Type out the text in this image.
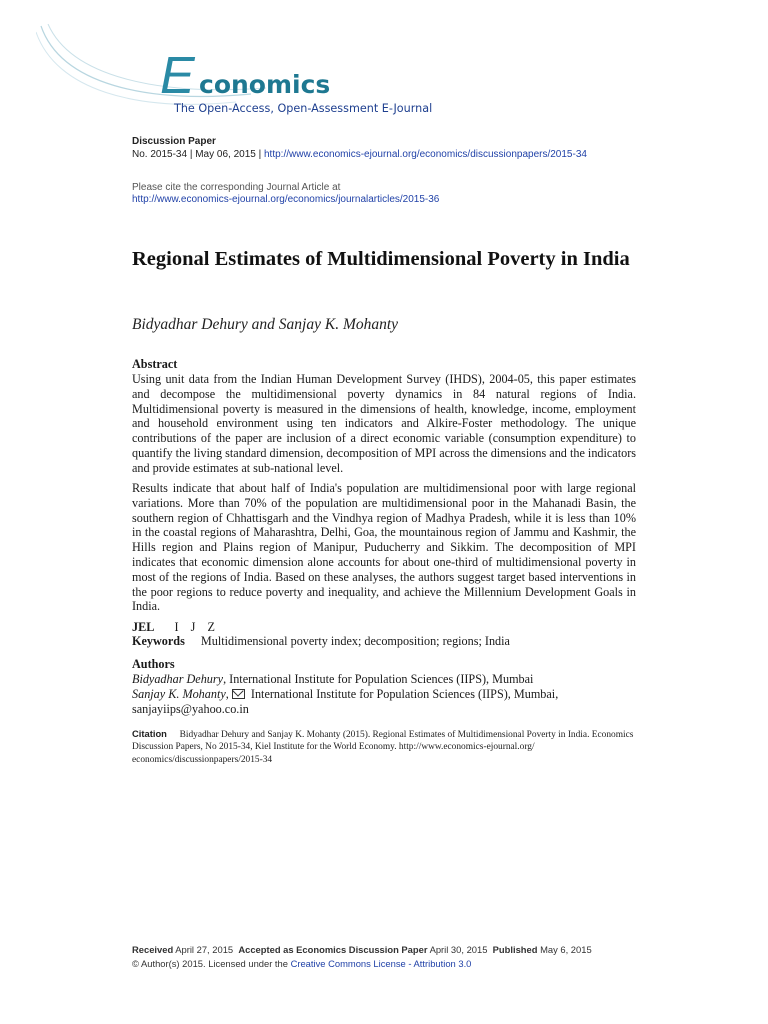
E conomics
The Open-Access, Open-Assessment E-Journal
Discussion Paper
No. 2015-34 | May 06, 2015 | http://www.economics-ejournal.org/economics/discussionpapers/2015-34
Please cite the corresponding Journal Article at
http://www.economics-ejournal.org/economics/journalarticles/2015-36
Regional Estimates of Multidimensional Poverty in India
Bidyadhar Dehury and Sanjay K. Mohanty
Abstract
Using unit data from the Indian Human Development Survey (IHDS), 2004-05, this paper estimates and decompose the multidimensional poverty dynamics in 84 natural regions of India. Multidimensional poverty is measured in the dimensions of health, knowledge, income, employment and household environment using ten indicators and Alkire-Foster methodology. The unique contributions of the paper are inclusion of a direct economic variable (consumption expenditure) to quantify the living standard dimension, decomposition of MPI across the dimensions and the indicators and provide estimates at sub-national level.
Results indicate that about half of India's population are multidimensional poor with large regional variations. More than 70% of the population are multidimensional poor in the Mahanadi Basin, the southern region of Chhattisgarh and the Vindhya region of Madhya Pradesh, while it is less than 10% in the coastal regions of Maharashtra, Delhi, Goa, the mountainous region of Jammu and Kashmir, the Hills region and Plains region of Manipur, Puducherry and Sikkim. The decomposition of MPI indicates that economic dimension alone accounts for about one-third of multidimensional poverty in most of the regions of India. Based on these analyses, the authors suggest target based interventions in the poor regions to reduce poverty and inequality, and achieve the Millennium Development Goals in India.
JEL I J Z
Keywords Multidimensional poverty index; decomposition; regions; India
Authors
Bidyadhar Dehury, International Institute for Population Sciences (IIPS), Mumbai
Sanjay K. Mohanty,  International Institute for Population Sciences (IIPS), Mumbai,
sanjayiips@yahoo.co.in
Citation Bidyadhar Dehury and Sanjay K. Mohanty (2015). Regional Estimates of Multidimensional Poverty in India. Economics Discussion Papers, No 2015-34, Kiel Institute for the World Economy. http://www.economics-ejournal.org/ economics/discussionpapers/2015-34
Received April 27, 2015 Accepted as Economics Discussion Paper April 30, 2015 Published May 6, 2015
© Author(s) 2015. Licensed under the Creative Commons License - Attribution 3.0
